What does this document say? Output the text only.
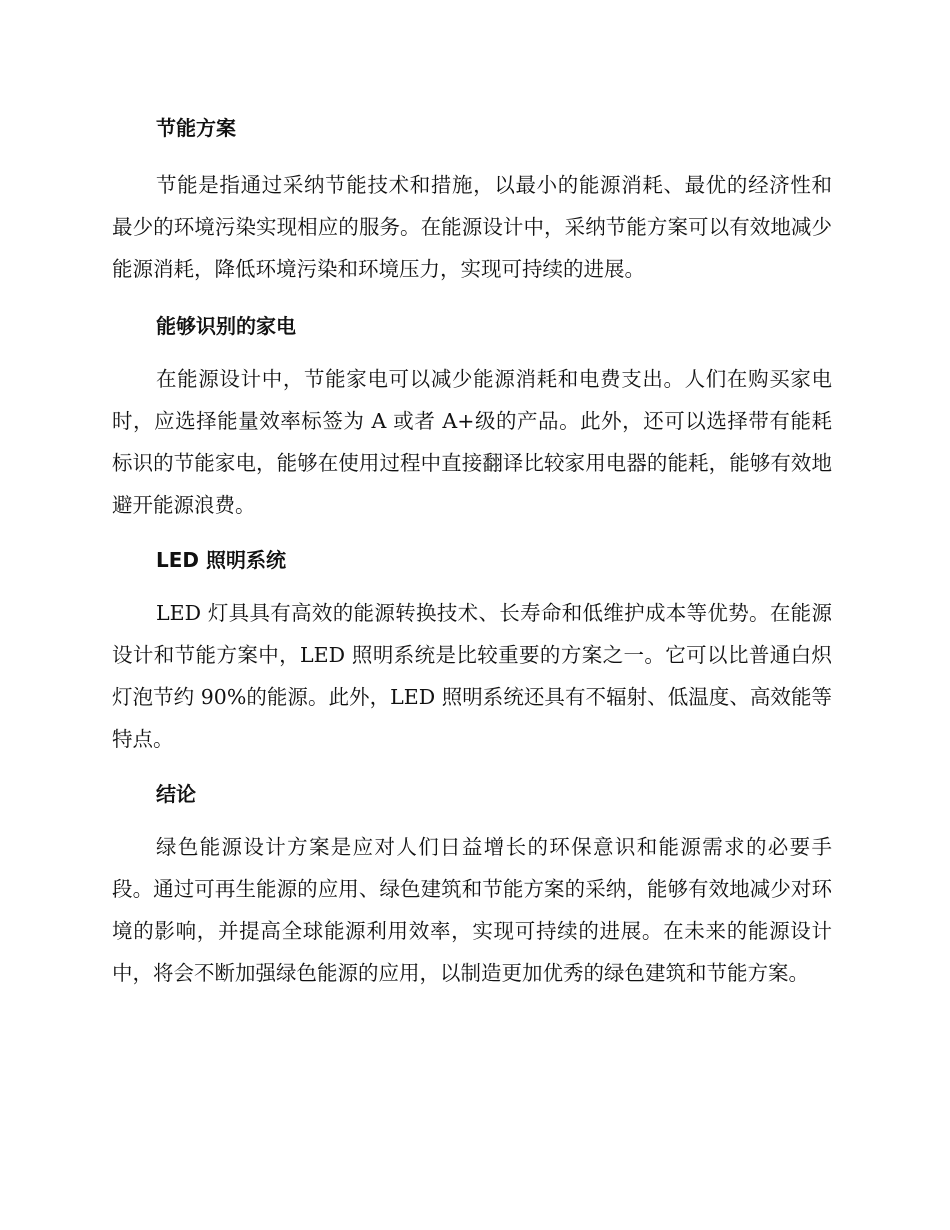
节能方案

节能是指通过采纳节能技术和措施，以最小的能源消耗、最优的经济性和最少的环境污染实现相应的服务。在能源设计中，采纳节能方案可以有效地减少能源消耗，降低环境污染和环境压力，实现可持续的进展。

能够识别的家电

在能源设计中，节能家电可以减少能源消耗和电费支出。人们在购买家电时，应选择能量效率标签为 A 或者 A+级的产品。此外，还可以选择带有能耗标识的节能家电，能够在使用过程中直接翻译比较家用电器的能耗，能够有效地避开能源浪费。

LED 照明系统

LED 灯具具有高效的能源转换技术、长寿命和低维护成本等优势。在能源设计和节能方案中，LED 照明系统是比较重要的方案之一。它可以比普通白炽灯泡节约 90%的能源。此外，LED 照明系统还具有不辐射、低温度、高效能等特点。

结论

绿色能源设计方案是应对人们日益增长的环保意识和能源需求的必要手段。通过可再生能源的应用、绿色建筑和节能方案的采纳，能够有效地减少对环境的影响，并提高全球能源利用效率，实现可持续的进展。在未来的能源设计中，将会不断加强绿色能源的应用，以制造更加优秀的绿色建筑和节能方案。
